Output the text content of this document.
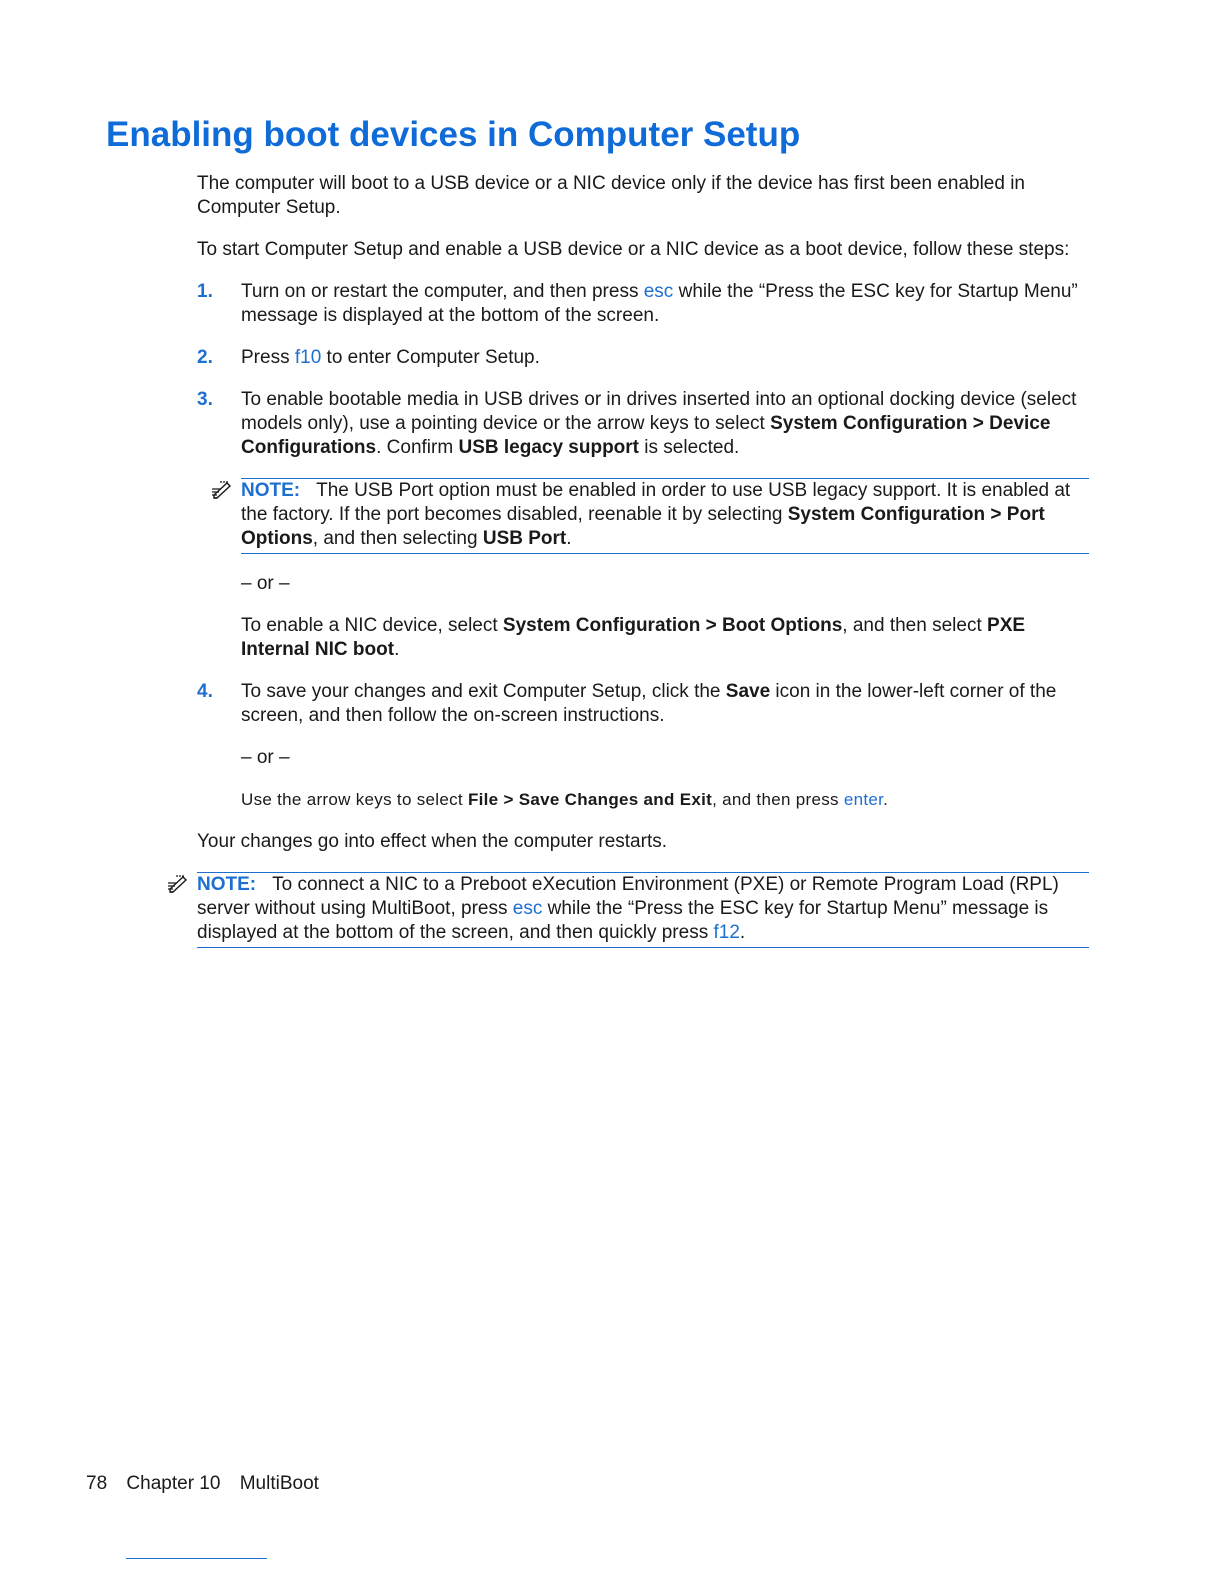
Enabling boot devices in Computer Setup

The computer will boot to a USB device or a NIC device only if the device has first been enabled in Computer Setup.

To start Computer Setup and enable a USB device or a NIC device as a boot device, follow these steps:

1. Turn on or restart the computer, and then press esc while the “Press the ESC key for Startup Menu” message is displayed at the bottom of the screen.

2. Press f10 to enter Computer Setup.

3. To enable bootable media in USB drives or in drives inserted into an optional docking device (select models only), use a pointing device or the arrow keys to select System Configuration > Device Configurations. Confirm USB legacy support is selected.

NOTE: The USB Port option must be enabled in order to use USB legacy support. It is enabled at the factory. If the port becomes disabled, reenable it by selecting System Configuration > Port Options, and then selecting USB Port.

– or –

To enable a NIC device, select System Configuration > Boot Options, and then select PXE Internal NIC boot.

4. To save your changes and exit Computer Setup, click the Save icon in the lower-left corner of the screen, and then follow the on-screen instructions.

– or –

Use the arrow keys to select File > Save Changes and Exit, and then press enter.

Your changes go into effect when the computer restarts.

NOTE: To connect a NIC to a Preboot eXecution Environment (PXE) or Remote Program Load (RPL) server without using MultiBoot, press esc while the “Press the ESC key for Startup Menu” message is displayed at the bottom of the screen, and then quickly press f12.

78 Chapter 10 MultiBoot
